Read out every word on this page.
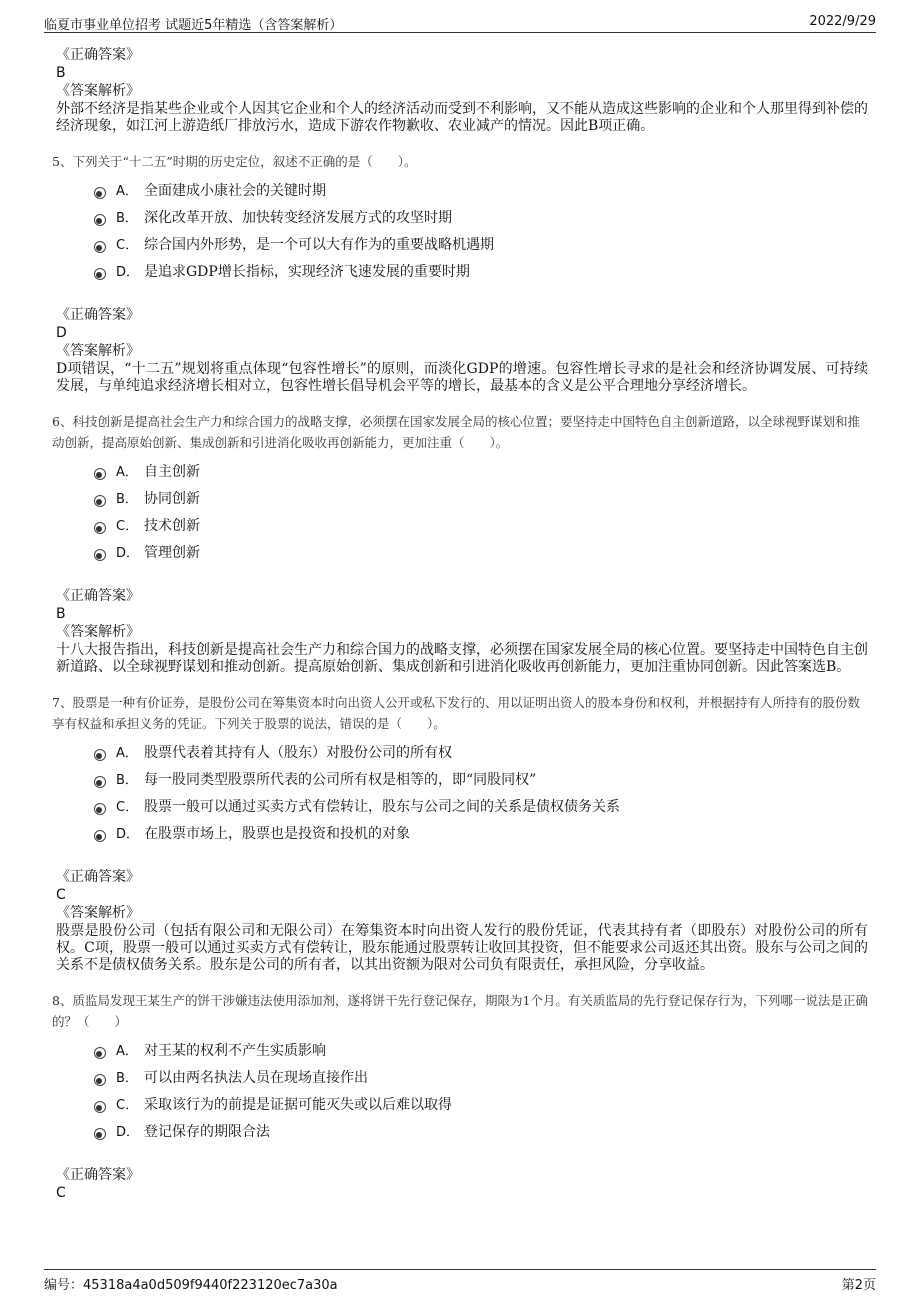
临夏市事业单位招考 试题近5年精选（含答案解析）	2022/9/29
《正确答案》
B
《答案解析》
外部不经济是指某些企业或个人因其它企业和个人的经济活动而受到不利影响，又不能从造成这些影响的企业和个人那里得到补偿的经济现象，如江河上游造纸厂排放污水，造成下游农作物歉收、农业减产的情况。因此B项正确。
5、下列关于“十二五”时期的历史定位，叙述不正确的是（　　）。
A． 全面建成小康社会的关键时期
B． 深化改革开放、加快转变经济发展方式的攻坚时期
C． 综合国内外形势，是一个可以大有作为的重要战略机遇期
D． 是追求GDP增长指标，实现经济飞速发展的重要时期
《正确答案》
D
《答案解析》
D项错误，“十二五”规划将重点体现“包容性增长”的原则，而淡化GDP的增速。包容性增长寻求的是社会和经济协调发展、可持续发展，与单纯追求经济增长相对立，包容性增长倡导机会平等的增长，最基本的含义是公平合理地分享经济增长。
6、科技创新是提高社会生产力和综合国力的战略支撑，必须摆在国家发展全局的核心位置；要坚持走中国特色自主创新道路，以全球视野谋划和推动创新，提高原始创新、集成创新和引进消化吸收再创新能力，更加注重（　　）。
A． 自主创新
B． 协同创新
C． 技术创新
D． 管理创新
《正确答案》
B
《答案解析》
十八大报告指出，科技创新是提高社会生产力和综合国力的战略支撑，必须摆在国家发展全局的核心位置。要坚持走中国特色自主创新道路、以全球视野谋划和推动创新。提高原始创新、集成创新和引进消化吸收再创新能力，更加注重协同创新。因此答案选B。
7、股票是一种有价证券，是股份公司在筹集资本时向出资人公开或私下发行的、用以证明出资人的股本身份和权利，并根据持有人所持有的股份数享有权益和承担义务的凭证。下列关于股票的说法，错误的是（　　）。
A． 股票代表着其持有人（股东）对股份公司的所有权
B． 每一股同类型股票所代表的公司所有权是相等的，即“同股同权”
C． 股票一般可以通过买卖方式有偿转让，股东与公司之间的关系是债权债务关系
D． 在股票市场上，股票也是投资和投机的对象
《正确答案》
C
《答案解析》
股票是股份公司（包括有限公司和无限公司）在筹集资本时向出资人发行的股份凭证，代表其持有者（即股东）对股份公司的所有权。C项，股票一般可以通过买卖方式有偿转让，股东能通过股票转让收回其投资，但不能要求公司返还其出资。股东与公司之间的关系不是债权债务关系。股东是公司的所有者，以其出资额为限对公司负有限责任，承担风险，分享收益。
8、质监局发现王某生产的饼干涉嫌违法使用添加剂，遂将饼干先行登记保存，期限为1个月。有关质监局的先行登记保存行为，下列哪一说法是正确的？（　　）
A． 对王某的权利不产生实质影响
B． 可以由两名执法人员在现场直接作出
C． 采取该行为的前提是证据可能灭失或以后难以取得
D． 登记保存的期限合法
《正确答案》
C
编号：45318a4a0d509f9440f223120ec7a30a	第2页
